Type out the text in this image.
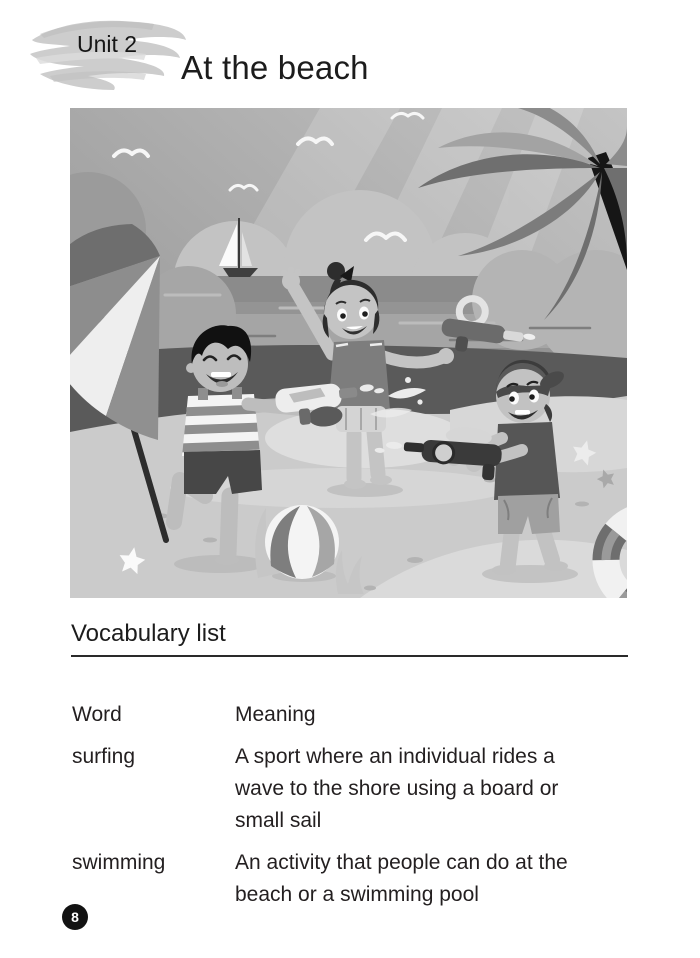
Unit 2
At the beach
Vocabulary list
Word	Meaning
surfing	A sport where an individual rides a wave to the shore using a board or small sail
swimming	An activity that people can do at the beach or a swimming pool
8
